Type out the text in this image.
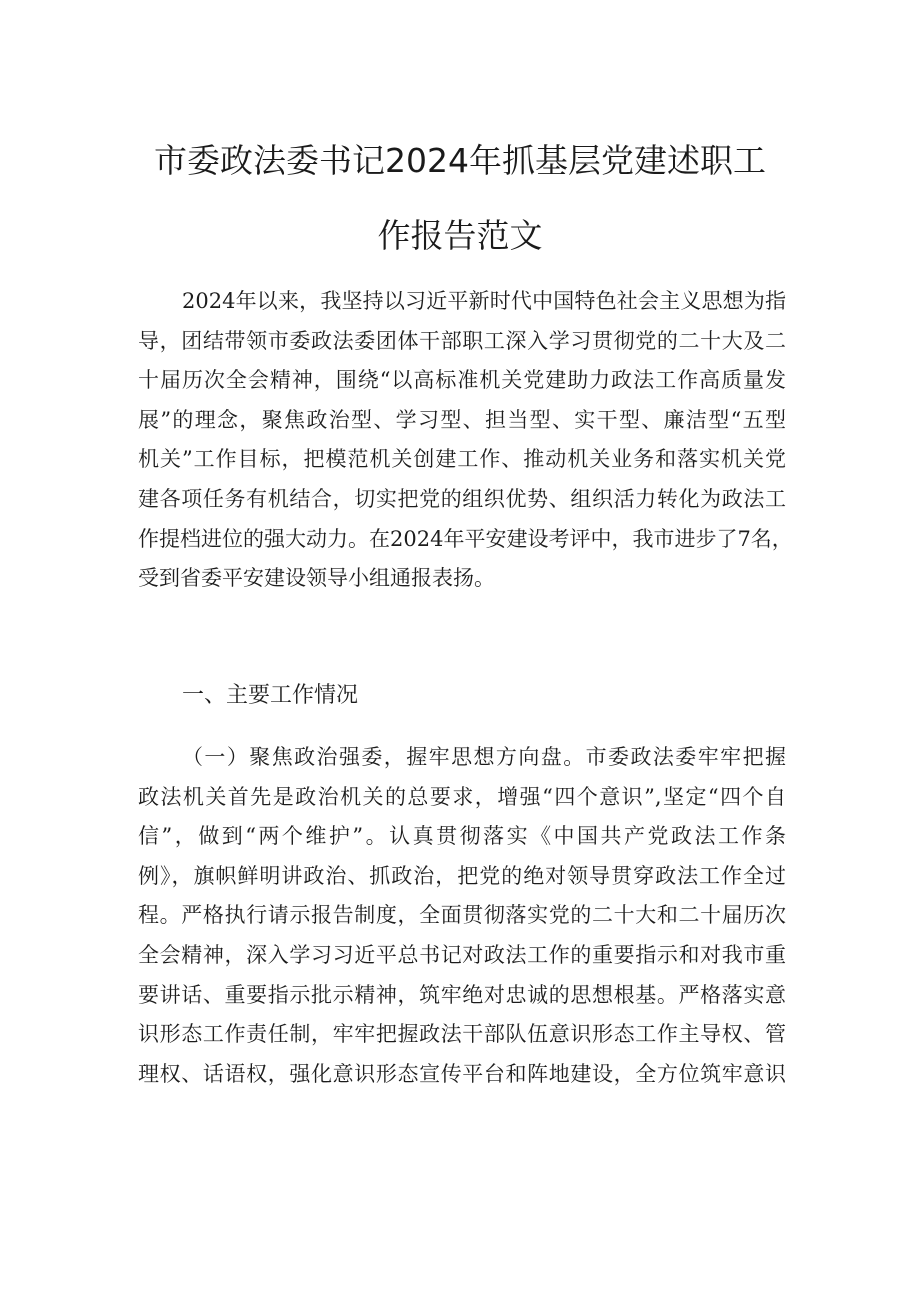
市委政法委书记2024年抓基层党建述职工
作报告范文
2024年以来，我坚持以习近平新时代中国特色社会主义思想为指
导，团结带领市委政法委团体干部职工深入学习贯彻党的二十大及二
十届历次全会精神，围绕“以高标准机关党建助力政法工作高质量发
展”的理念，聚焦政治型、学习型、担当型、实干型、廉洁型“五型
机关”工作目标，把模范机关创建工作、推动机关业务和落实机关党
建各项任务有机结合，切实把党的组织优势、组织活力转化为政法工
作提档进位的强大动力。在2024年平安建设考评中，我市进步了7名，
受到省委平安建设领导小组通报表扬。
一、主要工作情况
（一）聚焦政治强委，握牢思想方向盘。市委政法委牢牢把握
政法机关首先是政治机关的总要求，增强“四个意识”,坚定“四个自
信”，做到“两个维护”。认真贯彻落实《中国共产党政法工作条
例》，旗帜鲜明讲政治、抓政治，把党的绝对领导贯穿政法工作全过
程。严格执行请示报告制度，全面贯彻落实党的二十大和二十届历次
全会精神，深入学习习近平总书记对政法工作的重要指示和对我市重
要讲话、重要指示批示精神，筑牢绝对忠诚的思想根基。严格落实意
识形态工作责任制，牢牢把握政法干部队伍意识形态工作主导权、管
理权、话语权，强化意识形态宣传平台和阵地建设，全方位筑牢意识
